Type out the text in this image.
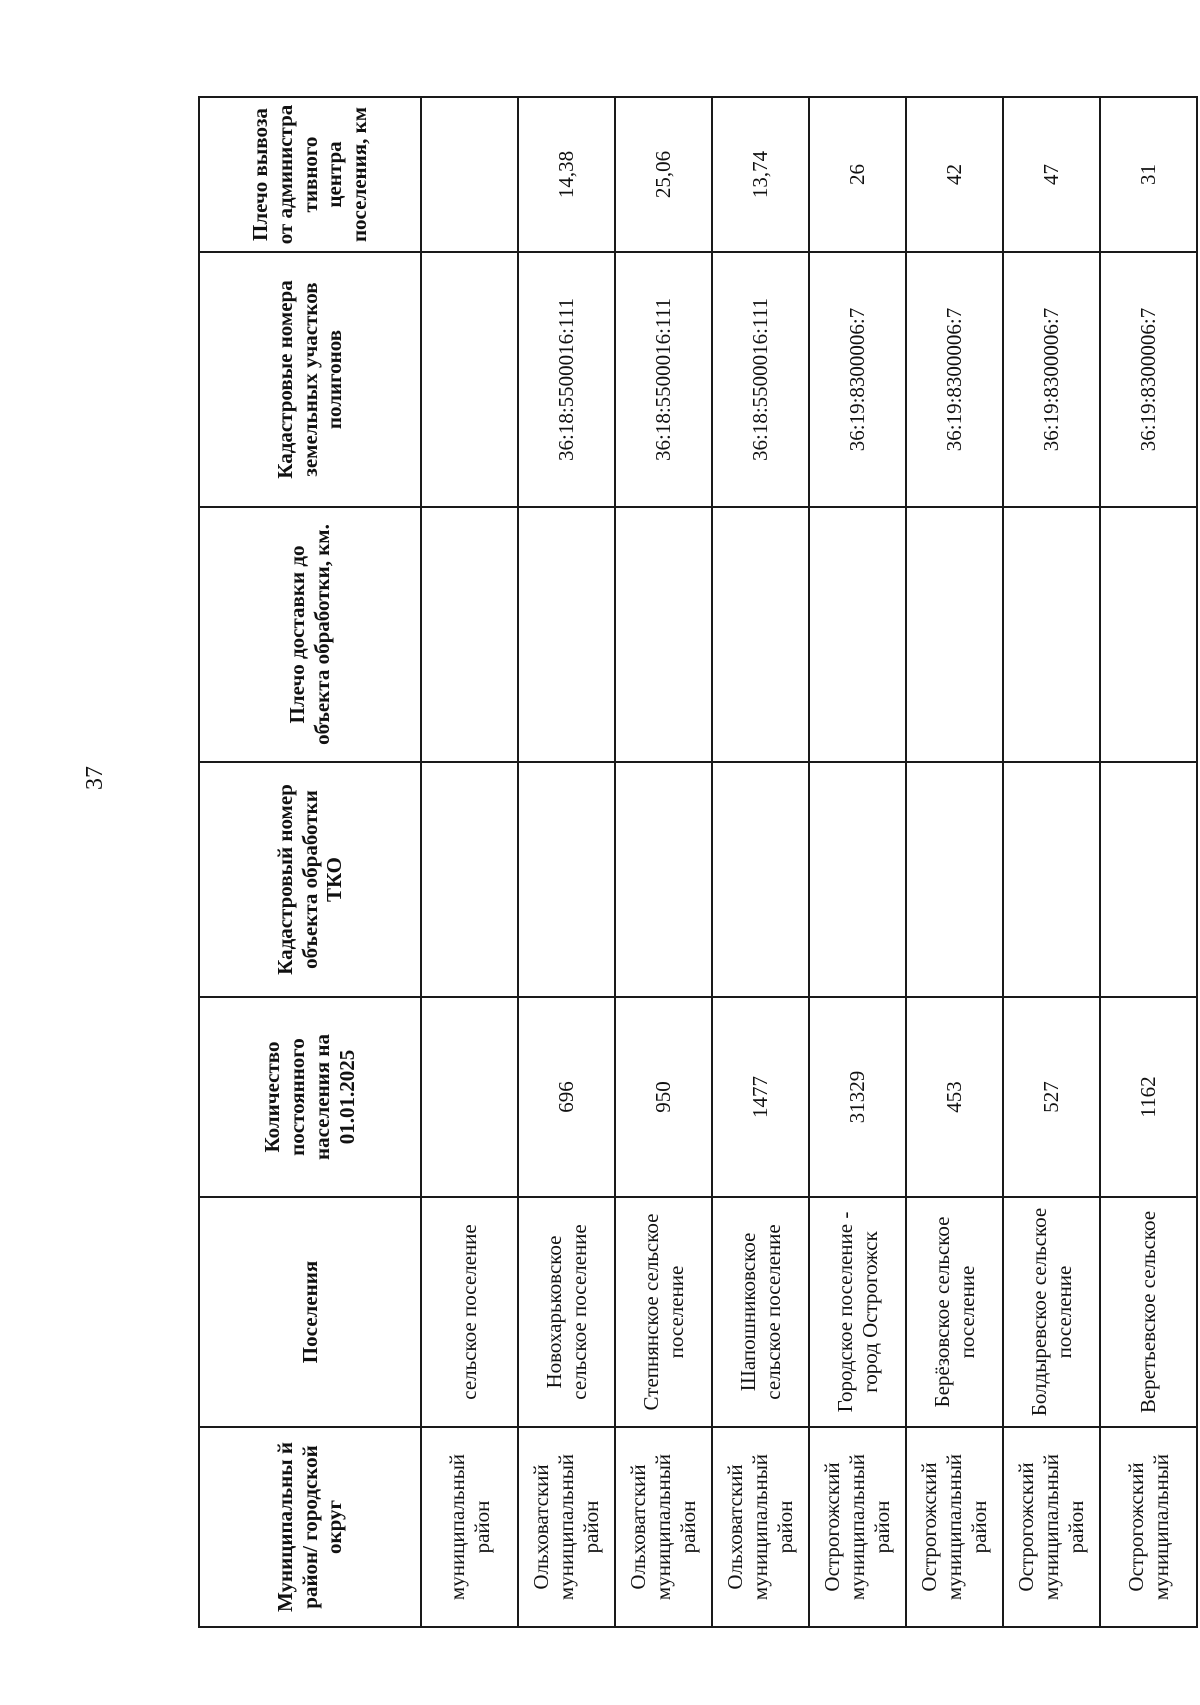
37
Муниципальны й район/ городской округ	Поселения	Количество постоянного населения на 01.01.2025	Кадастровый номер объекта обработки ТКО	Плечо доставки до объекта обработки, км.	Кадастровые номера земельных участков полигонов	Плечо вывоза от администра тивного центра поселения, км
муниципальный район	сельское поселение					
Ольховатский муниципальный район	Новохарьковское сельское поселение	696			36:18:5500016:111	14,38
Ольховатский муниципальный район	Степнянское сельское поселение	950			36:18:5500016:111	25,06
Ольховатский муниципальный район	Шапошниковское сельское поселение	1477			36:18:5500016:111	13,74
Острогожский муниципальный район	Городское поселение - город Острогожск	31329			36:19:8300006:7	26
Острогожский муниципальный район	Берёзовское сельское поселение	453			36:19:8300006:7	42
Острогожский муниципальный район	Болдыревское сельское поселение	527			36:19:8300006:7	47
Острогожский муниципальный	Веретьевское сельское	1162			36:19:8300006:7	31
